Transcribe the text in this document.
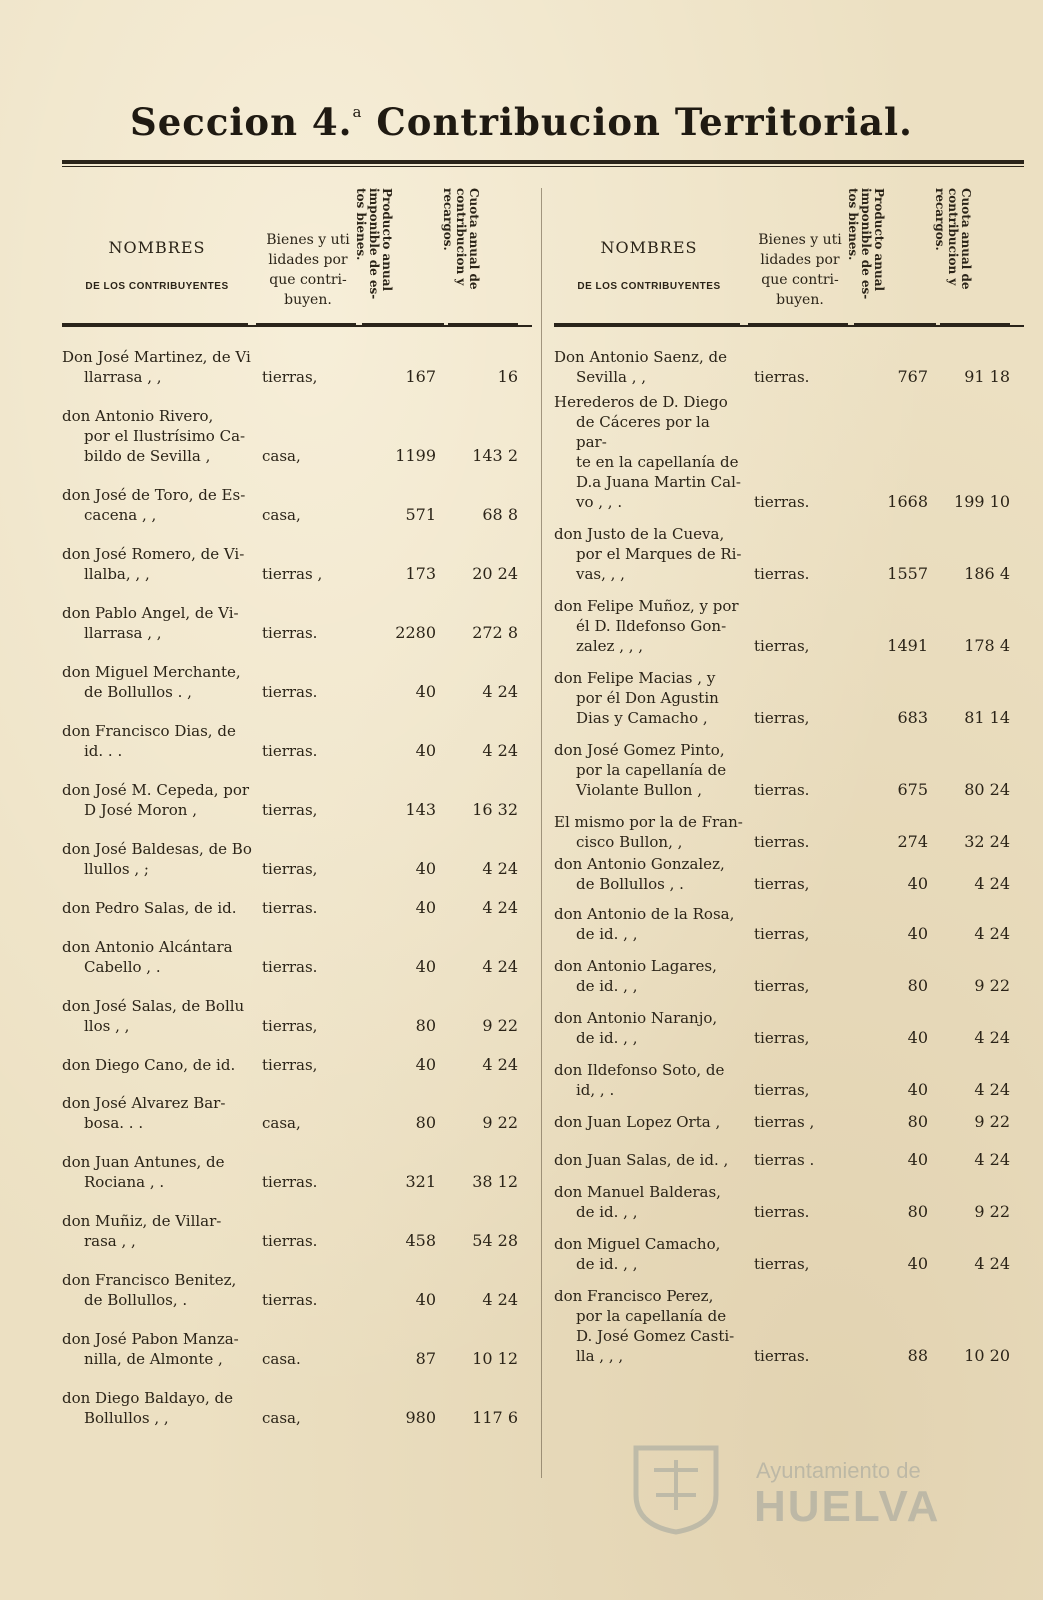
Seccion 4.$^a$ Contribucion Territorial.
NOMBRES
DE LOS CONTRIBUYENTES
Bienes y uti lidades por que contri- buyen.
Producto anual imponible de es- tos bienes.	Cuota anual de contribucion y recargos.
Don José Martinez, de Vi
llarrasa , ,	tierras,	167	16
don Antonio Rivero,
por el Ilustrísimo Ca-
bildo de Sevilla ,	casa,	1199	143 2
don José de Toro, de Es-
cacena , ,	casa,	571	68 8
don José Romero, de Vi-
llalba, , ,	tierras ,	173	20 24
don Pablo Angel, de Vi-
llarrasa , ,	tierras.	2280	272 8
don Miguel Merchante,
de Bollullos . ,	tierras.	40	4 24
don Francisco Dias, de
id. . .	tierras.	40	4 24
don José M. Cepeda, por
D José Moron ,	tierras,	143	16 32
don José Baldesas, de Bo
llullos , ;	tierras,	40	4 24
don Pedro Salas, de id.	tierras.	40	4 24
don Antonio Alcántara
Cabello , .	tierras.	40	4 24
don José Salas, de Bollu
llos , ,	tierras,	80	9 22
don Diego Cano, de id.	tierras,	40	4 24
don José Alvarez Bar-
bosa. . .	casa,	80	9 22
don Juan Antunes, de
Rociana , .	tierras.	321	38 12
don Muñiz, de Villar-
rasa , ,	tierras.	458	54 28
don Francisco Benitez,
de Bollullos, .	tierras.	40	4 24
don José Pabon Manza-
nilla, de Almonte ,	casa.	87	10 12
don Diego Baldayo, de
Bollullos , ,	casa,	980	117 6
NOMBRES
DE LOS CONTRIBUYENTES
Bienes y uti lidades por que contri- buyen.
Producto anual imponible de es- tos bienes.	Cuota anual de contribucion y recargos.
Don Antonio Saenz, de
Sevilla , ,	tierras.	767	91 18
Herederos de D. Diego
de Cáceres por la par-
te en la capellanía de
D.a Juana Martin Cal-
vo , , .	tierras.	1668	199 10
don Justo de la Cueva,
por el Marques de Ri-
vas, , ,	tierras.	1557	186 4
don Felipe Muñoz, y por
él D. Ildefonso Gon-
zalez , , ,	tierras,	1491	178 4
don Felipe Macias , y
por él Don Agustin
Dias y Camacho ,	tierras,	683	81 14
don José Gomez Pinto,
por la capellanía de
Violante Bullon ,	tierras.	675	80 24
El mismo por la de Fran-
cisco Bullon, ,	tierras.	274	32 24
don Antonio Gonzalez,
de Bollullos , .	tierras,	40	4 24
don Antonio de la Rosa,
de id. , ,	tierras,	40	4 24
don Antonio Lagares,
de id. , ,	tierras,	80	9 22
don Antonio Naranjo,
de id. , ,	tierras,	40	4 24
don Ildefonso Soto, de
id, , .	tierras,	40	4 24
don Juan Lopez Orta ,	tierras ,	80	9 22
don Juan Salas, de id. ,	tierras .	40	4 24
don Manuel Balderas,
de id. , ,	tierras.	80	9 22
don Miguel Camacho,
de id. , ,	tierras,	40	4 24
don Francisco Perez,
por la capellanía de
D. José Gomez Casti-
lla , , ,	tierras.	88	10 20
Ayuntamiento de
HUELVA
